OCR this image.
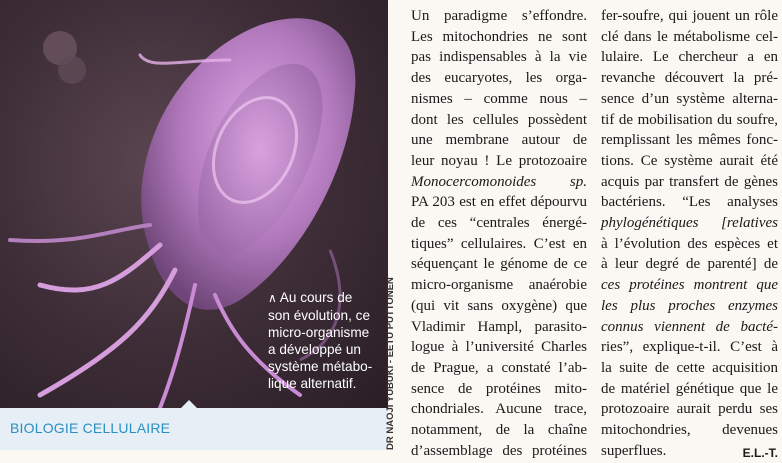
∧ Au cours de
son évolution, ce
micro-organisme
a développé un
système métabo-
lique alternatif.
BIOLOGIE CELLULAIRE	DR NAOJI YUBUKI - EETU PUTTONEN
Un paradigme s’effondre.
Les mitochondries ne sont
pas indispensables à la vie
des eucaryotes, les orga-
nismes – comme nous –
dont les cellules possèdent
une membrane autour de
leur noyau ! Le protozoaire
Monocercomonoides sp.
PA 203 est en effet dépourvu
de ces “centrales énergé-
tiques” cellulaires. C’est en
séquençant le génome de ce
micro-organisme anaérobie
(qui vit sans oxygène) que
Vladimir Hampl, parasito-
logue à l’université Charles
de Prague, a constaté l’ab-
sence de protéines mito-
chondriales. Aucune trace,
notamment, de la chaîne
d’assemblage des protéines
fer-soufre, qui jouent un rôle
clé dans le métabolisme cel-
lulaire. Le chercheur a en
revanche découvert la pré-
sence d’un système alterna-
tif de mobilisation du soufre,
remplissant les mêmes fonc-
tions. Ce système aurait été
acquis par transfert de gènes
bactériens. “Les analyses
phylogénétiques [relatives
à l’évolution des espèces et
à leur degré de parenté] de
ces protéines montrent que
les plus proches enzymes
connus viennent de bacté-
ries”, explique-t-il. C’est à
la suite de cette acquisition
de matériel génétique que le
protozoaire aurait perdu ses
mitochondries, devenues
superflues.	E.L.-T.
